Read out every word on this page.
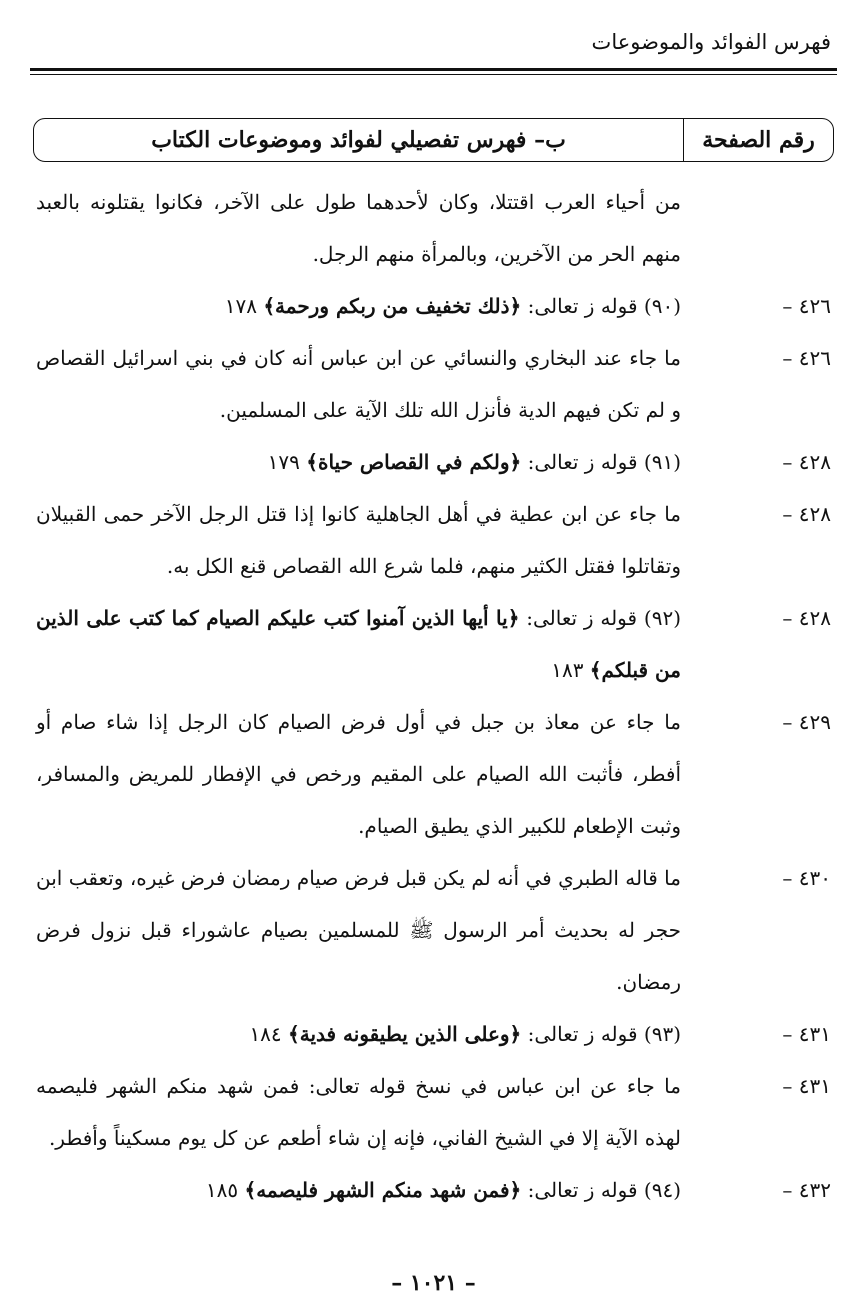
فهرس الفوائد والموضوعات
رقم الصفحة
ب– فهرس تفصيلي لفوائد وموضوعات الكتاب
من أحياء العرب اقتتلا، وكان لأحدهما طول على الآخر، فكانوا يقتلونه بالعبد منهم الحر من الآخرين، وبالمرأة منهم الرجل.
٤٢٦ –
(٩٠) قوله ز تعالى: ﴿ذلك تخفيف من ربكم ورحمة﴾ ١٧٨
٤٢٦ –
ما جاء عند البخاري والنسائي عن ابن عباس أنه كان في بني اسرائيل القصاص و لم تكن فيهم الدية فأنزل الله تلك الآية على المسلمين.
٤٢٨ –
(٩١) قوله ز تعالى: ﴿ولكم في القصاص حياة﴾ ١٧٩
٤٢٨ –
ما جاء عن ابن عطية في أهل الجاهلية كانوا إذا قتل الرجل الآخر حمى القبيلان وتقاتلوا فقتل الكثير منهم، فلما شرع الله القصاص قنع الكل به.
٤٢٨ –
(٩٢) قوله ز تعالى: ﴿يا أيها الذين آمنوا كتب عليكم الصيام كما كتب على الذين من قبلكم﴾ ١٨٣
٤٢٩ –
ما جاء عن معاذ بن جبل في أول فرض الصيام كان الرجل إذا شاء صام أو أفطر، فأثبت الله الصيام على المقيم ورخص في الإفطار للمريض والمسافر، وثبت الإطعام للكبير الذي يطيق الصيام.
٤٣٠ –
ما قاله الطبري في أنه لم يكن قبل فرض صيام رمضان فرض غيره، وتعقب ابن حجر له بحديث أمر الرسول ﷺ للمسلمين بصيام عاشوراء قبل نزول فرض رمضان.
٤٣١ –
(٩٣) قوله ز تعالى: ﴿وعلى الذين يطيقونه فدية﴾ ١٨٤
٤٣١ –
ما جاء عن ابن عباس في نسخ قوله تعالى: فمن شهد منكم الشهر فليصمه لهذه الآية إلا في الشيخ الفاني، فإنه إن شاء أطعم عن كل يوم مسكيناً وأفطر.
٤٣٢ –
(٩٤) قوله ز تعالى: ﴿فمن شهد منكم الشهر فليصمه﴾ ١٨٥
– ١٠٢١ –
